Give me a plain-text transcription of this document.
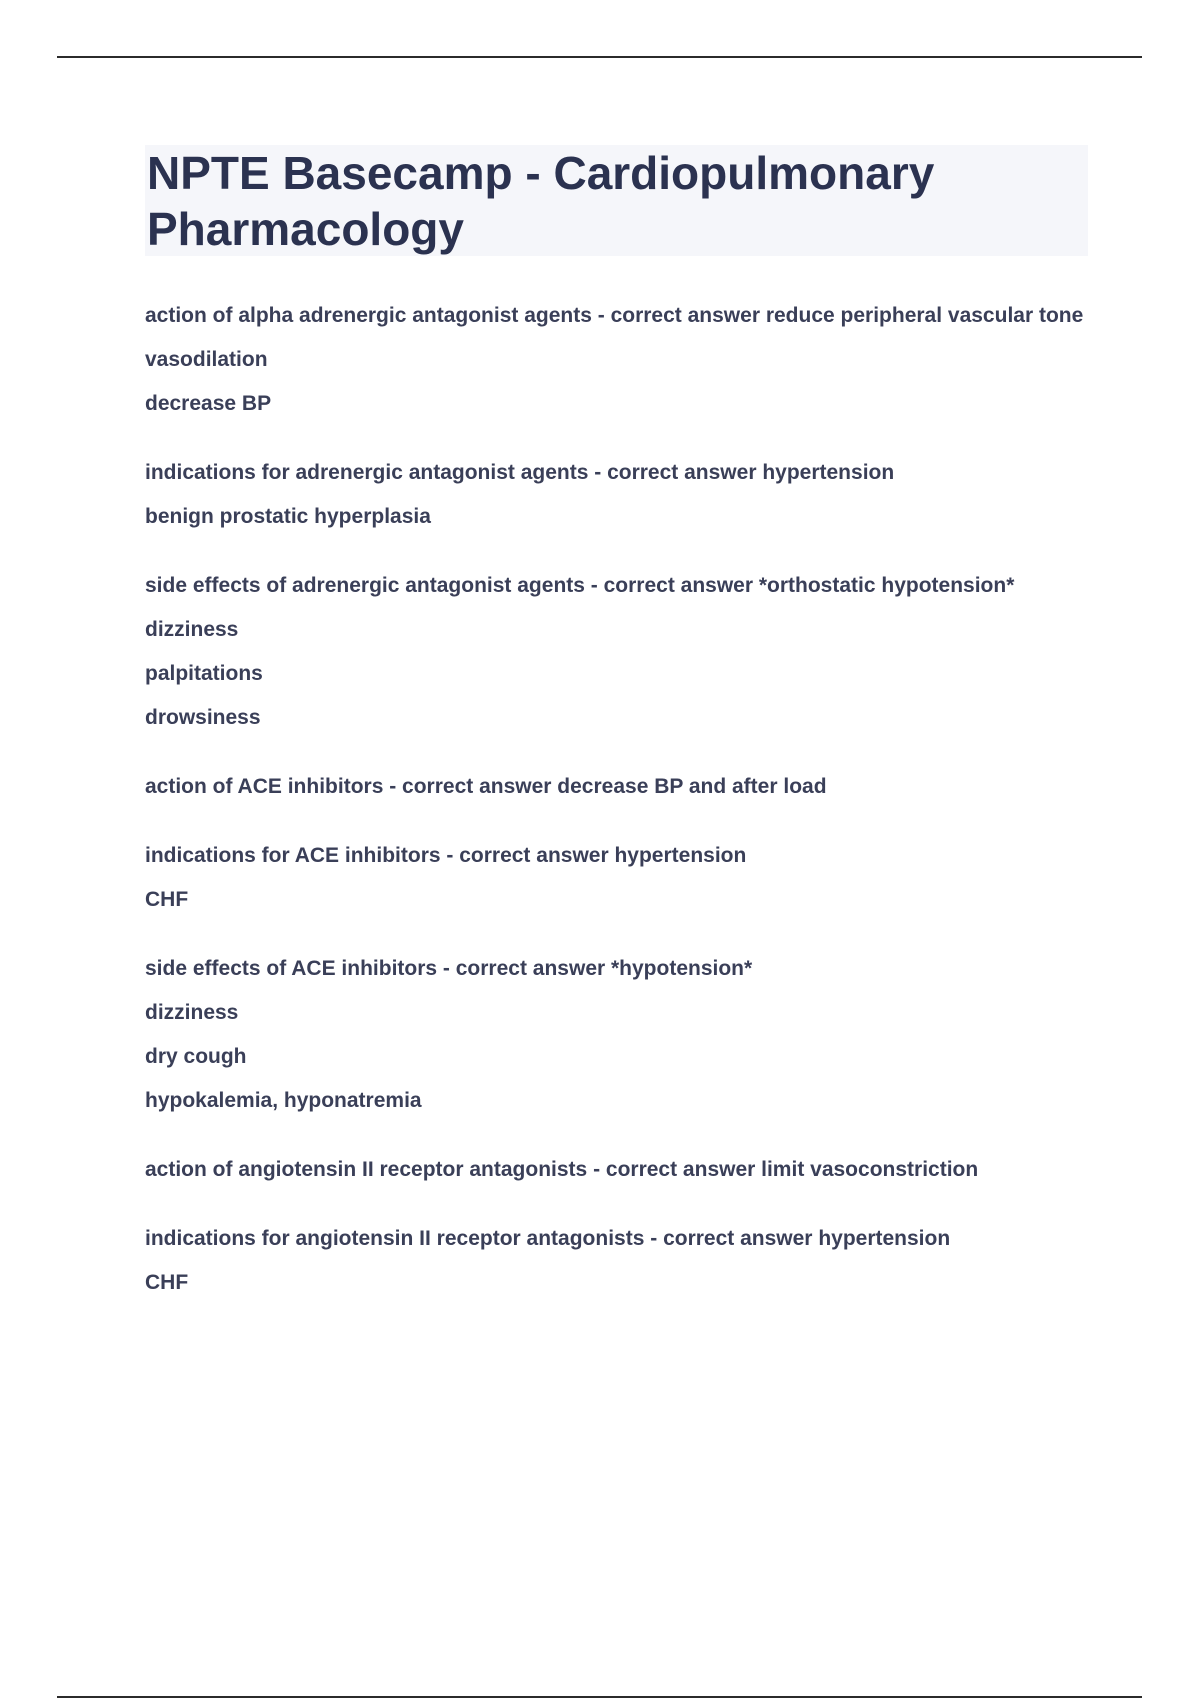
NPTE Basecamp - Cardiopulmonary Pharmacology

action of alpha adrenergic antagonist agents - correct answer reduce peripheral vascular tone

vasodilation

decrease BP

indications for adrenergic antagonist agents - correct answer hypertension

benign prostatic hyperplasia

side effects of adrenergic antagonist agents - correct answer *orthostatic hypotension*

dizziness

palpitations

drowsiness

action of ACE inhibitors - correct answer decrease BP and after load

indications for ACE inhibitors - correct answer hypertension

CHF

side effects of ACE inhibitors - correct answer *hypotension*

dizziness

dry cough

hypokalemia, hyponatremia

action of angiotensin II receptor antagonists - correct answer limit vasoconstriction

indications for angiotensin II receptor antagonists - correct answer hypertension

CHF
